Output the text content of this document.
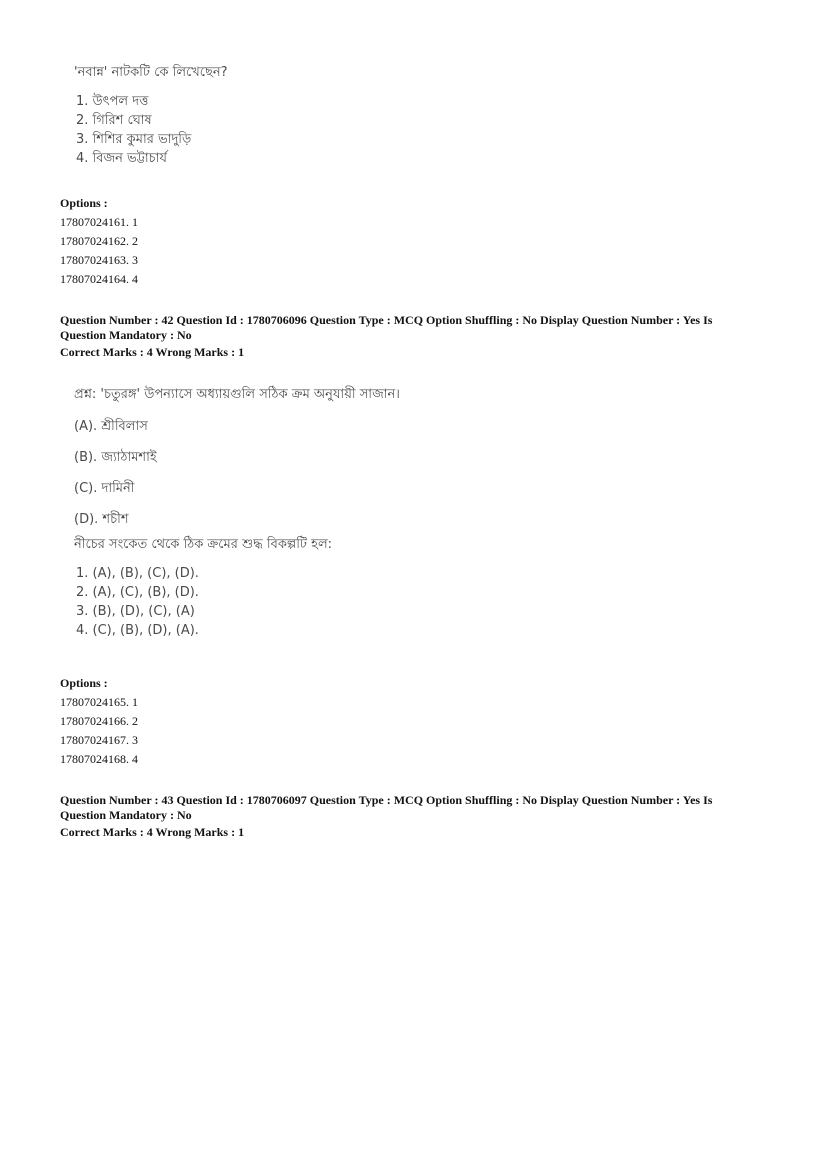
'নবান্ন' নাটকটি কে লিখেছেন?
1. উৎপল দত্ত
2. গিরিশ ঘোষ
3. শিশির কুমার ভাদুড়ি
4. বিজন ভট্টাচার্য
Options :
17807024161. 1
17807024162. 2
17807024163. 3
17807024164. 4
Question Number : 42 Question Id : 1780706096 Question Type : MCQ Option Shuffling : No Display Question Number : Yes Is
Question Mandatory : No
Correct Marks : 4 Wrong Marks : 1
প্রশ্ন: 'চতুরঙ্গ' উপন্যাসে অধ্যায়গুলি সঠিক ক্রম অনুযায়ী সাজান।
(A). শ্রীবিলাস
(B). জ্যাঠামশাই
(C). দামিনী
(D). শচীশ
নীচের সংকেত থেকে ঠিক ক্রমের শুদ্ধ বিকল্পটি হল:
1. (A), (B), (C), (D).
2. (A), (C), (B), (D).
3. (B), (D), (C), (A)
4. (C), (B), (D), (A).
Options :
17807024165. 1
17807024166. 2
17807024167. 3
17807024168. 4
Question Number : 43 Question Id : 1780706097 Question Type : MCQ Option Shuffling : No Display Question Number : Yes Is
Question Mandatory : No
Correct Marks : 4 Wrong Marks : 1
